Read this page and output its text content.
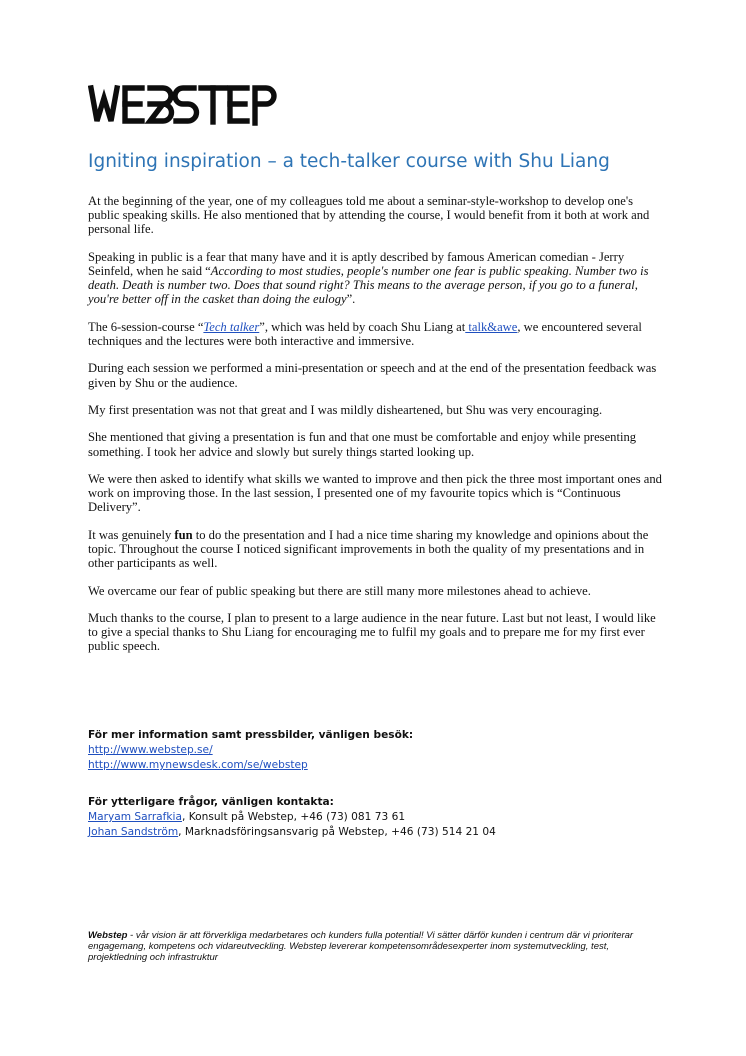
Igniting inspiration – a tech-talker course with Shu Liang

At the beginning of the year, one of my colleagues told me about a seminar-style-workshop to develop one's public speaking skills. He also mentioned that by attending the course, I would benefit from it both at work and personal life.

Speaking in public is a fear that many have and it is aptly described by famous American comedian - Jerry Seinfeld, when he said “According to most studies, people's number one fear is public speaking. Number two is death. Death is number two. Does that sound right? This means to the average person, if you go to a funeral, you're better off in the casket than doing the eulogy”.

The 6-session-course “Tech talker”, which was held by coach Shu Liang at talk&awe, we encountered several techniques and the lectures were both interactive and immersive.

During each session we performed a mini-presentation or speech and at the end of the presentation feedback was given by Shu or the audience.

My first presentation was not that great and I was mildly disheartened, but Shu was very encouraging.

She mentioned that giving a presentation is fun and that one must be comfortable and enjoy while presenting something. I took her advice and slowly but surely things started looking up.

We were then asked to identify what skills we wanted to improve and then pick the three most important ones and work on improving those. In the last session, I presented one of my favourite topics which is “Continuous Delivery”.

It was genuinely fun to do the presentation and I had a nice time sharing my knowledge and opinions about the topic. Throughout the course I noticed significant improvements in both the quality of my presentations and in other participants as well.

We overcame our fear of public speaking but there are still many more milestones ahead to achieve.

Much thanks to the course, I plan to present to a large audience in the near future. Last but not least, I would like to give a special thanks to Shu Liang for encouraging me to fulfil my goals and to prepare me for my first ever public speech.

För mer information samt pressbilder, vänligen besök:
http://www.webstep.se/
http://www.mynewsdesk.com/se/webstep
För ytterligare frågor, vänligen kontakta:
Maryam Sarrafkia, Konsult på Webstep, +46 (73) 081 73 61
Johan Sandström, Marknadsföringsansvarig på Webstep, +46 (73) 514 21 04
Webstep - vår vision är att förverkliga medarbetares och kunders fulla potential! Vi sätter därför kunden i centrum där vi prioriterar engagemang, kompetens och vidareutveckling. Webstep levererar kompetensområdesexperter inom systemutveckling, test, projektledning och infrastruktur
